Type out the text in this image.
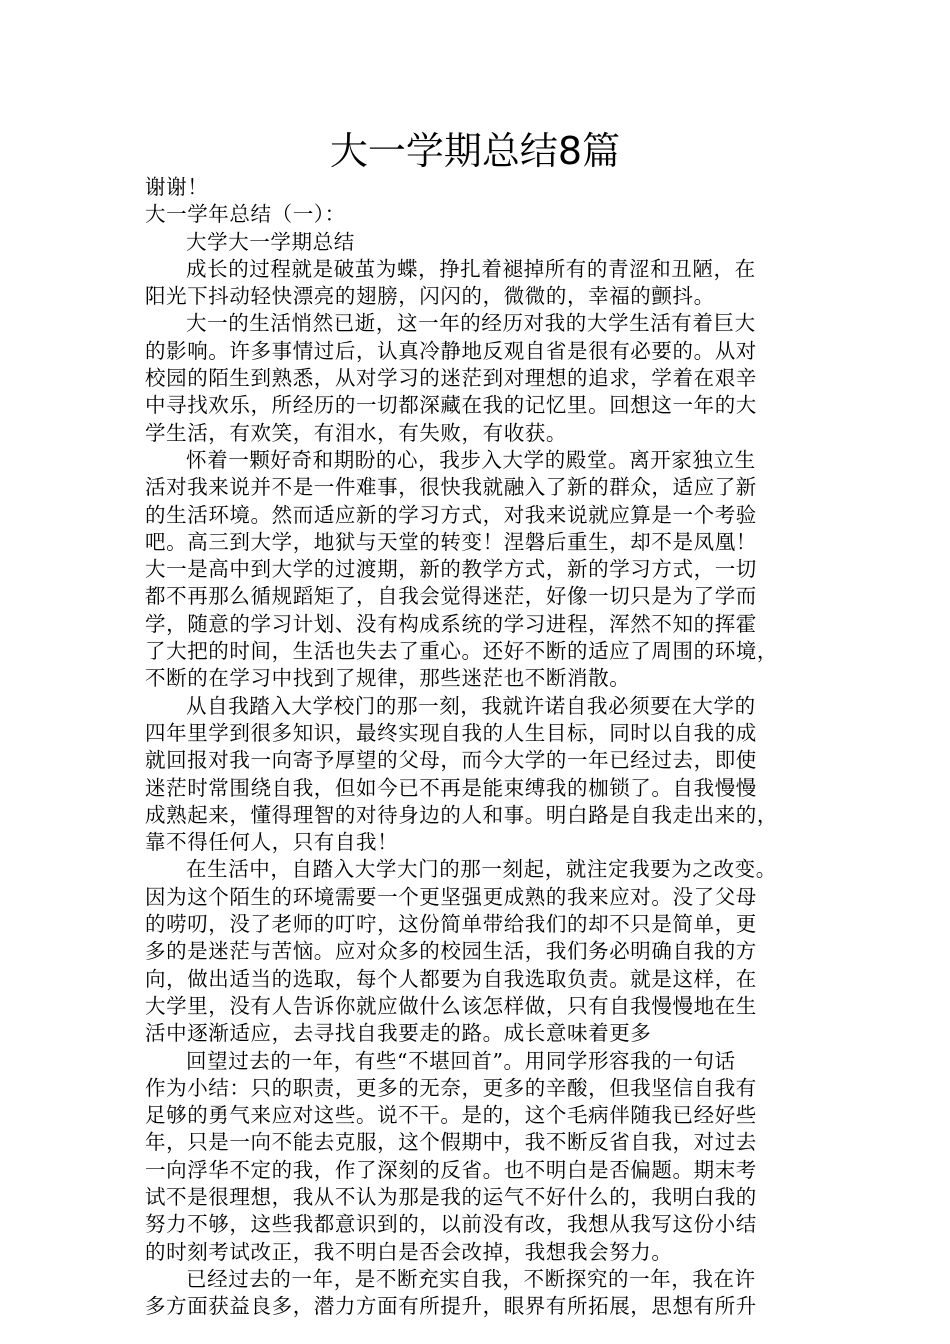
大一学期总结8篇
谢谢！
大一学年总结（一）：
大学大一学期总结
成长的过程就是破茧为蝶，挣扎着褪掉所有的青涩和丑陋，在
阳光下抖动轻快漂亮的翅膀，闪闪的，微微的，幸福的颤抖。
大一的生活悄然已逝，这一年的经历对我的大学生活有着巨大
的影响。许多事情过后，认真冷静地反观自省是很有必要的。从对
校园的陌生到熟悉，从对学习的迷茫到对理想的追求，学着在艰辛
中寻找欢乐，所经历的一切都深藏在我的记忆里。回想这一年的大
学生活，有欢笑，有泪水，有失败，有收获。
怀着一颗好奇和期盼的心，我步入大学的殿堂。离开家独立生
活对我来说并不是一件难事，很快我就融入了新的群众，适应了新
的生活环境。然而适应新的学习方式，对我来说就应算是一个考验
吧。高三到大学，地狱与天堂的转变！涅磐后重生，却不是凤凰！
大一是高中到大学的过渡期，新的教学方式，新的学习方式，一切
都不再那么循规蹈矩了，自我会觉得迷茫，好像一切只是为了学而
学，随意的学习计划、没有构成系统的学习进程，浑然不知的挥霍
了大把的时间，生活也失去了重心。还好不断的适应了周围的环境，
不断的在学习中找到了规律，那些迷茫也不断消散。
从自我踏入大学校门的那一刻，我就许诺自我必须要在大学的
四年里学到很多知识，最终实现自我的人生目标，同时以自我的成
就回报对我一向寄予厚望的父母，而今大学的一年已经过去，即使
迷茫时常围绕自我，但如今已不再是能束缚我的枷锁了。自我慢慢
成熟起来，懂得理智的对待身边的人和事。明白路是自我走出来的，
靠不得任何人，只有自我！
在生活中，自踏入大学大门的那一刻起，就注定我要为之改变。
因为这个陌生的环境需要一个更坚强更成熟的我来应对。没了父母
的唠叨，没了老师的叮咛，这份简单带给我们的却不只是简单，更
多的是迷茫与苦恼。应对众多的校园生活，我们务必明确自我的方
向，做出适当的选取，每个人都要为自我选取负责。就是这样，在
大学里，没有人告诉你就应做什么该怎样做，只有自我慢慢地在生
活中逐渐适应，去寻找自我要走的路。成长意味着更多
回望过去的一年，有些“不堪回首”。用同学形容我的一句话
作为小结：只的职责，更多的无奈，更多的辛酸，但我坚信自我有
足够的勇气来应对这些。说不干。是的，这个毛病伴随我已经好些
年，只是一向不能去克服，这个假期中，我不断反省自我，对过去
一向浮华不定的我，作了深刻的反省。也不明白是否偏题。期末考
试不是很理想，我从不认为那是我的运气不好什么的，我明白我的
努力不够，这些我都意识到的，以前没有改，我想从我写这份小结
的时刻考试改正，我不明白是否会改掉，我想我会努力。
已经过去的一年，是不断充实自我，不断探究的一年，我在许
多方面获益良多，潜力方面有所提升，眼界有所拓展，思想有所升
